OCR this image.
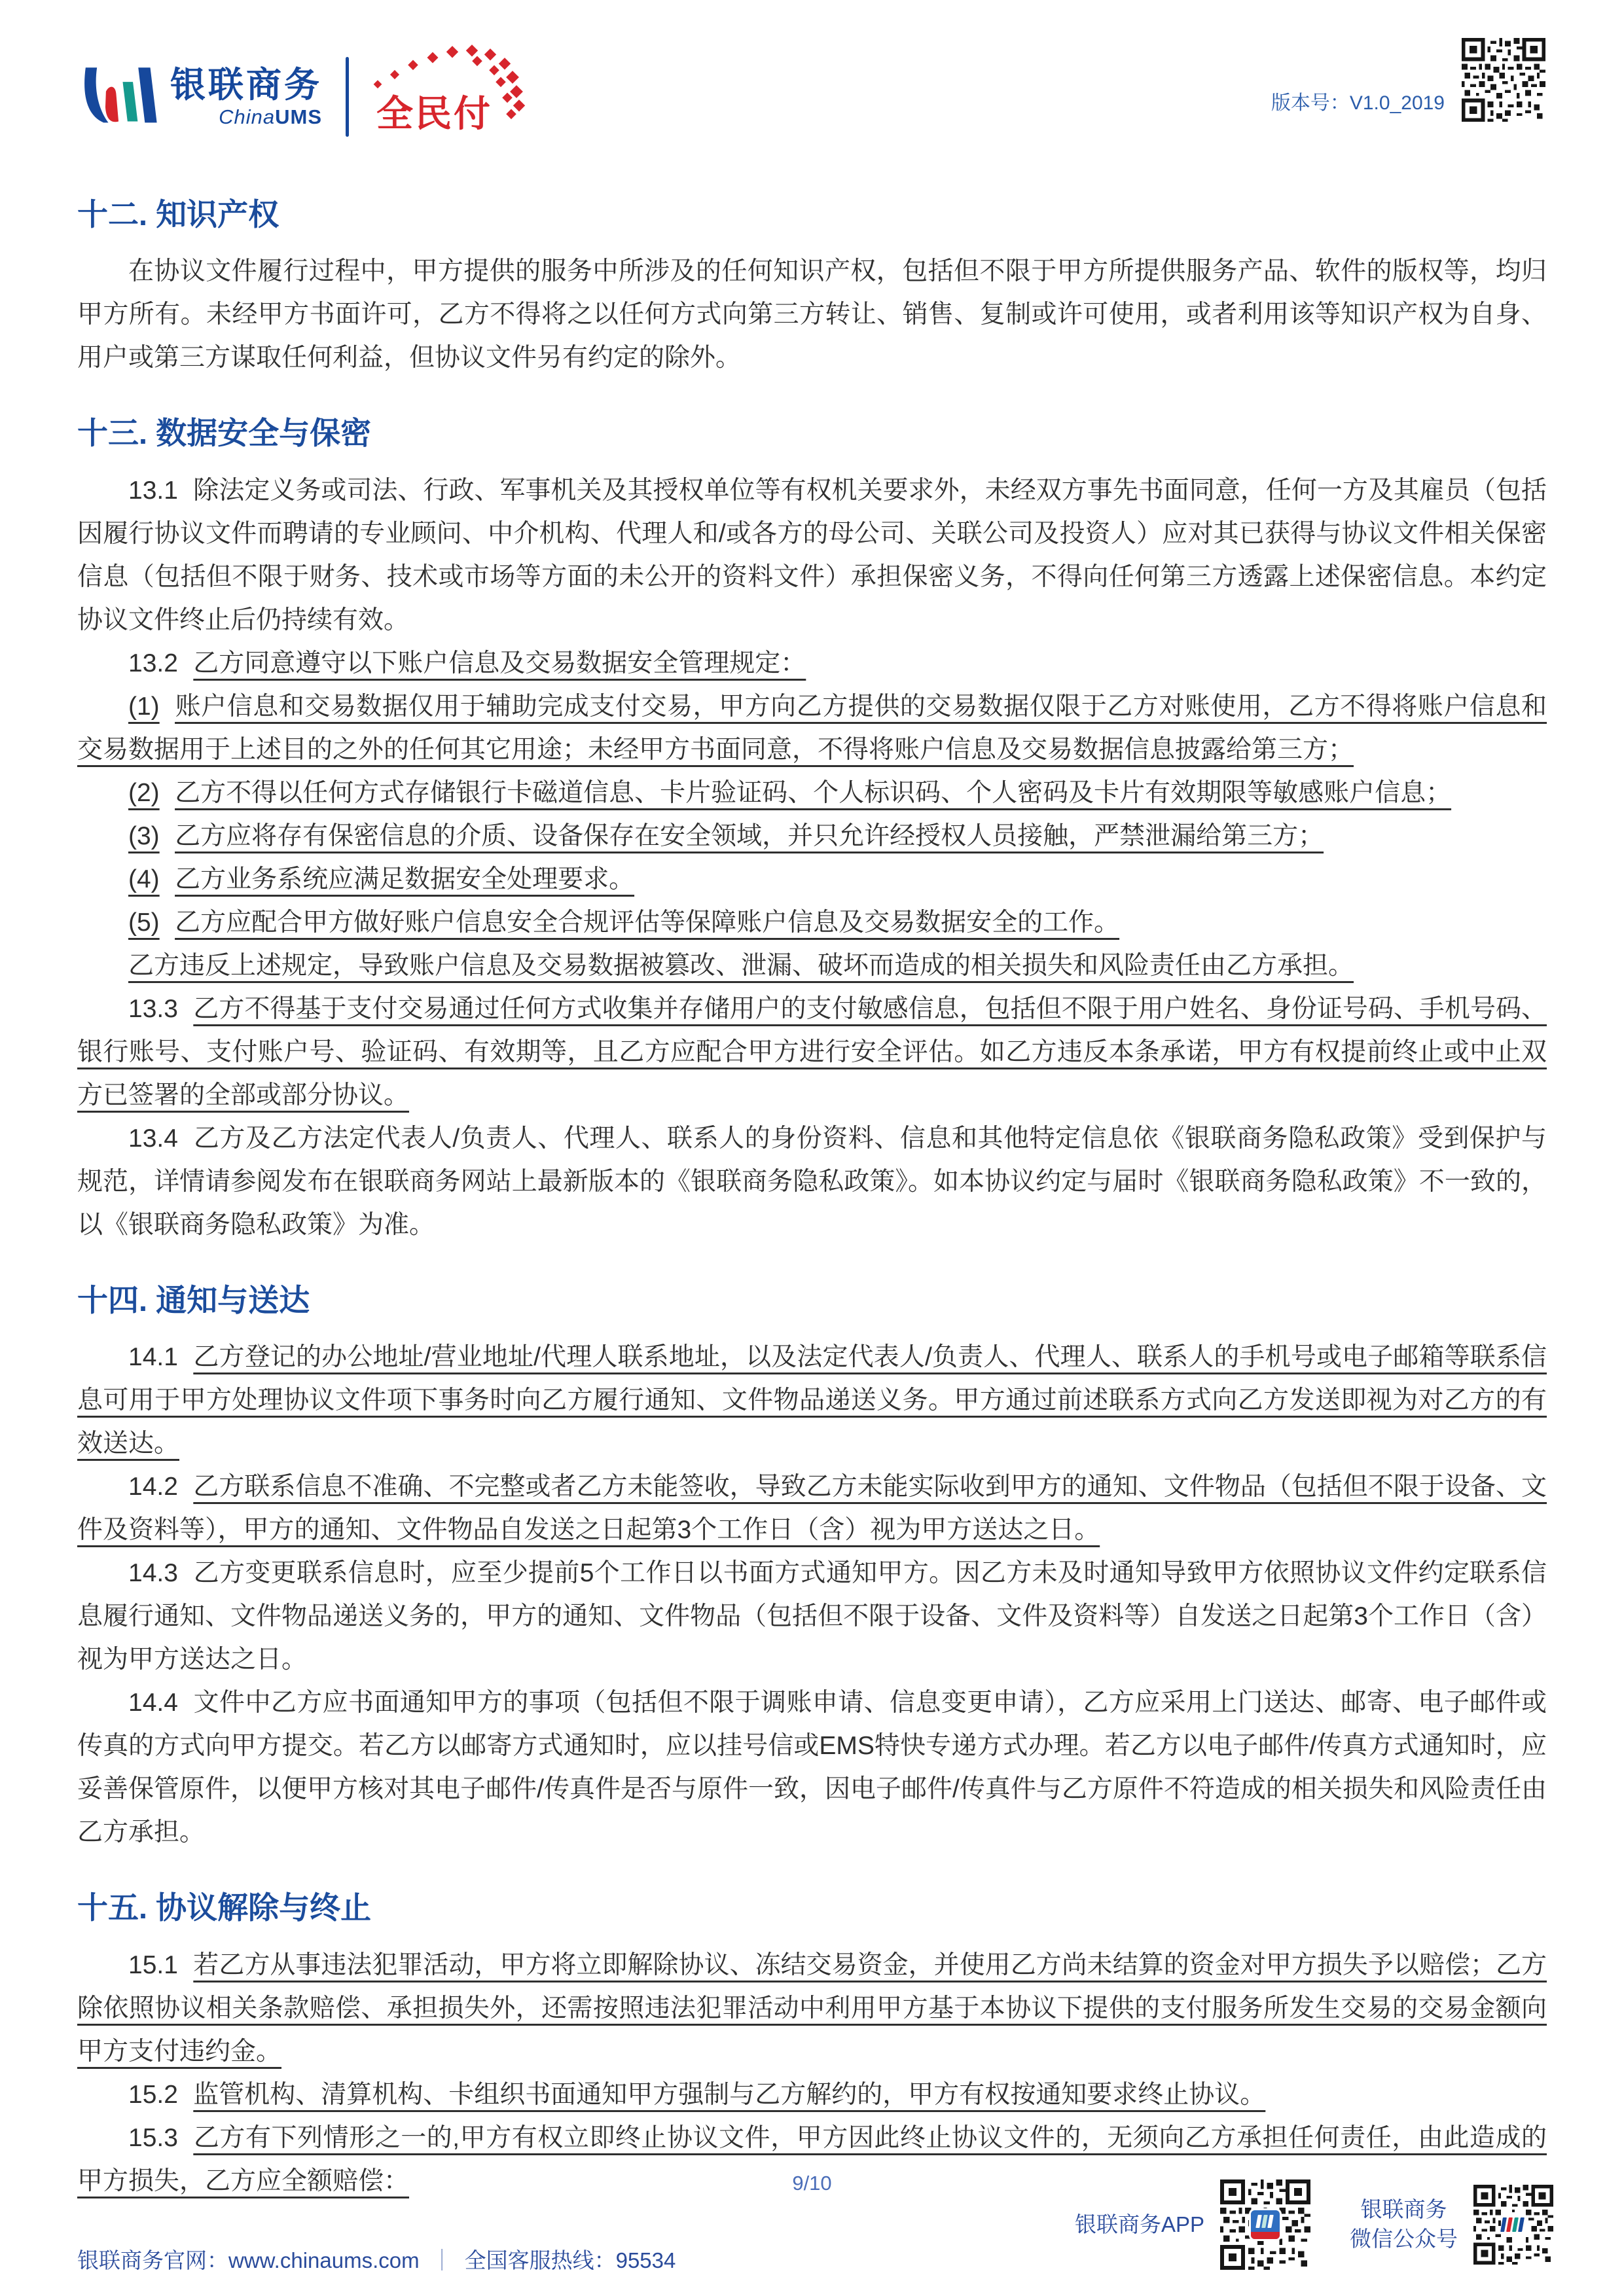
银联商务
ChinaUMS 全民付	版本号：V1.0_2019
十二. 知识产权

在协议文件履行过程中，甲方提供的服务中所涉及的任何知识产权，包括但不限于甲方所提供服务产品、软件的版权等，均归甲方所有。未经甲方书面许可，乙方不得将之以任何方式向第三方转让、销售、复制或许可使用，或者利用该等知识产权为自身、用户或第三方谋取任何利益，但协议文件另有约定的除外。

十三. 数据安全与保密

13.1 除法定义务或司法、行政、军事机关及其授权单位等有权机关要求外，未经双方事先书面同意，任何一方及其雇员（包括因履行协议文件而聘请的专业顾问、中介机构、代理人和/或各方的母公司、关联公司及投资人）应对其已获得与协议文件相关保密信息（包括但不限于财务、技术或市场等方面的未公开的资料文件）承担保密义务，不得向任何第三方透露上述保密信息。本约定协议文件终止后仍持续有效。

13.2 乙方同意遵守以下账户信息及交易数据安全管理规定：

(1) 账户信息和交易数据仅用于辅助完成支付交易，甲方向乙方提供的交易数据仅限于乙方对账使用，乙方不得将账户信息和交易数据用于上述目的之外的任何其它用途；未经甲方书面同意，不得将账户信息及交易数据信息披露给第三方；

(2) 乙方不得以任何方式存储银行卡磁道信息、卡片验证码、个人标识码、个人密码及卡片有效期限等敏感账户信息；

(3) 乙方应将存有保密信息的介质、设备保存在安全领域，并只允许经授权人员接触，严禁泄漏给第三方；

(4) 乙方业务系统应满足数据安全处理要求。

(5) 乙方应配合甲方做好账户信息安全合规评估等保障账户信息及交易数据安全的工作。

乙方违反上述规定，导致账户信息及交易数据被篡改、泄漏、破坏而造成的相关损失和风险责任由乙方承担。

13.3 乙方不得基于支付交易通过任何方式收集并存储用户的支付敏感信息，包括但不限于用户姓名、身份证号码、手机号码、银行账号、支付账户号、验证码、有效期等，且乙方应配合甲方进行安全评估。如乙方违反本条承诺，甲方有权提前终止或中止双方已签署的全部或部分协议。

13.4 乙方及乙方法定代表人/负责人、代理人、联系人的身份资料、信息和其他特定信息依《银联商务隐私政策》受到保护与规范，详情请参阅发布在银联商务网站上最新版本的《银联商务隐私政策》。如本协议约定与届时《银联商务隐私政策》不一致的，以《银联商务隐私政策》为准。

十四. 通知与送达

14.1 乙方登记的办公地址/营业地址/代理人联系地址，以及法定代表人/负责人、代理人、联系人的手机号或电子邮箱等联系信息可用于甲方处理协议文件项下事务时向乙方履行通知、文件物品递送义务。甲方通过前述联系方式向乙方发送即视为对乙方的有效送达。

14.2 乙方联系信息不准确、不完整或者乙方未能签收，导致乙方未能实际收到甲方的通知、文件物品（包括但不限于设备、文件及资料等），甲方的通知、文件物品自发送之日起第3个工作日（含）视为甲方送达之日。

14.3 乙方变更联系信息时，应至少提前5个工作日以书面方式通知甲方。因乙方未及时通知导致甲方依照协议文件约定联系信息履行通知、文件物品递送义务的，甲方的通知、文件物品（包括但不限于设备、文件及资料等）自发送之日起第3个工作日（含）视为甲方送达之日。

14.4 文件中乙方应书面通知甲方的事项（包括但不限于调账申请、信息变更申请），乙方应采用上门送达、邮寄、电子邮件或传真的方式向甲方提交。若乙方以邮寄方式通知时，应以挂号信或EMS特快专递方式办理。若乙方以电子邮件/传真方式通知时，应妥善保管原件，以便甲方核对其电子邮件/传真件是否与原件一致，因电子邮件/传真件与乙方原件不符造成的相关损失和风险责任由乙方承担。

十五. 协议解除与终止

15.1 若乙方从事违法犯罪活动，甲方将立即解除协议、冻结交易资金，并使用乙方尚未结算的资金对甲方损失予以赔偿；乙方除依照协议相关条款赔偿、承担损失外，还需按照违法犯罪活动中利用甲方基于本协议下提供的支付服务所发生交易的交易金额向甲方支付违约金。

15.2 监管机构、清算机构、卡组织书面通知甲方强制与乙方解约的，甲方有权按通知要求终止协议。

15.3 乙方有下列情形之一的,甲方有权立即终止协议文件，甲方因此终止协议文件的，无须向乙方承担任何责任，由此造成的甲方损失，乙方应全额赔偿：	9/10
银联商务官网：www.chinaums.com ｜ 全国客服热线：95534
银联商务APP
银联商务
微信公众号
